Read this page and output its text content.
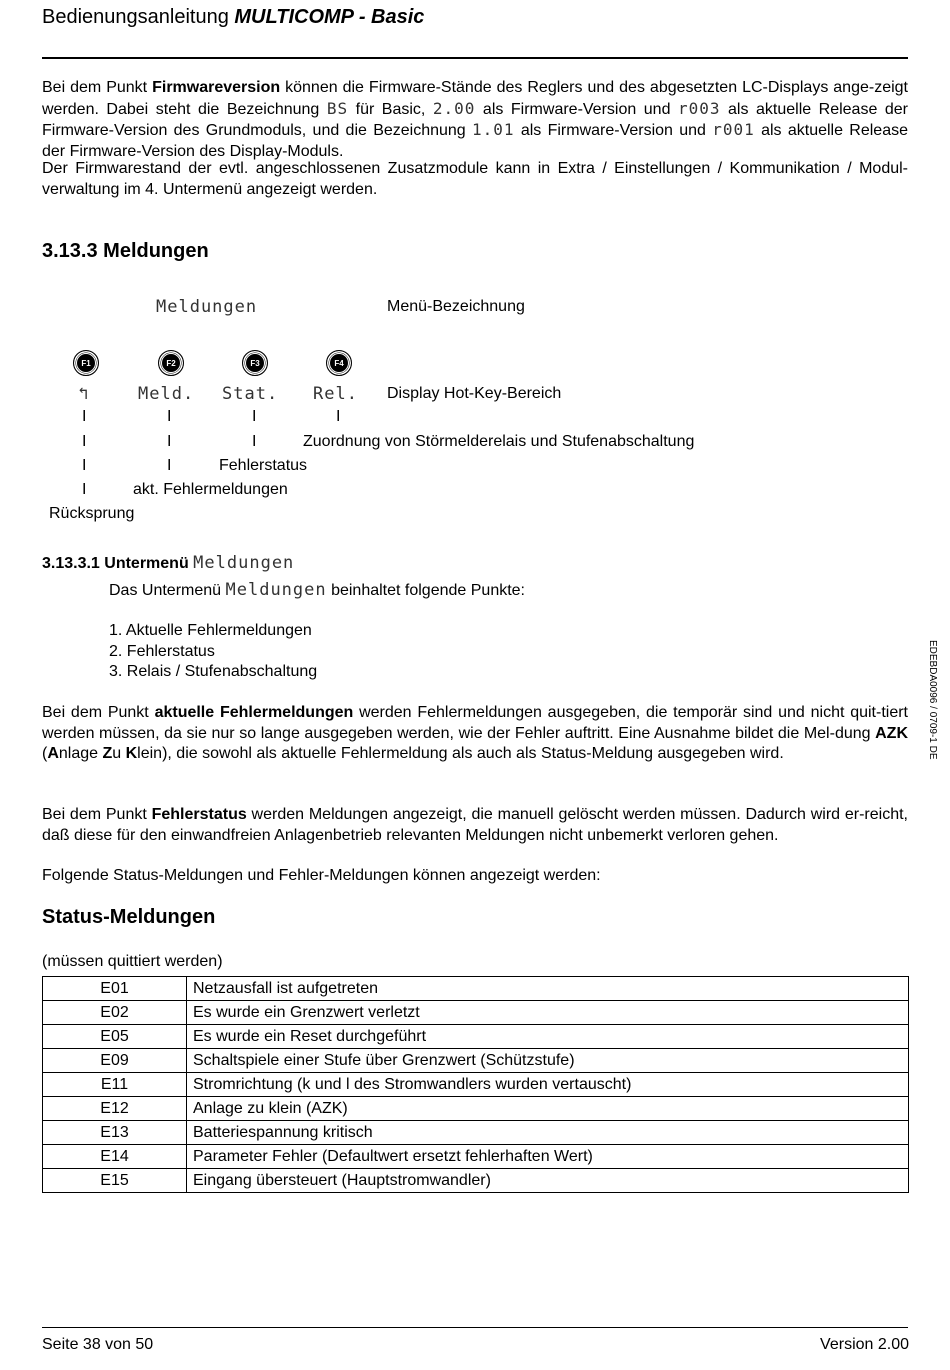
Bedienungsanleitung MULTICOMP - Basic
Bei dem Punkt Firmwareversion können die Firmware-Stände des Reglers und des abgesetzten LC-Displays ange-zeigt werden. Dabei steht die Bezeichnung BS für Basic, 2.00 als Firmware-Version und r003 als aktuelle Release der Firmware-Version des Grundmoduls, und die Bezeichnung 1.01 als Firmware-Version und r001 als aktuelle Release der Firmware-Version des Display-Moduls.
Der Firmwarestand der evtl. angeschlossenen Zusatzmodule kann in Extra / Einstellungen / Kommunikation / Modul-verwaltung im 4. Untermenü angezeigt werden.
3.13.3 Meldungen
Meldungen	Menü-Bezeichnung
F1	F2	F3	F4
↰	Meld. Stat. Rel. Display Hot-Key-Bereich
I	I	I	I
I	I	I	Zuordnung von Störmelderelais und Stufenabschaltung
I	I	Fehlerstatus
I	akt. Fehlermeldungen
Rücksprung
3.13.3.1 Untermenü Meldungen
Das Untermenü Meldungen beinhaltet folgende Punkte:
1. Aktuelle Fehlermeldungen
2. Fehlerstatus
3. Relais / Stufenabschaltung
Bei dem Punkt aktuelle Fehlermeldungen werden Fehlermeldungen ausgegeben, die temporär sind und nicht quit-tiert werden müssen, da sie nur so lange ausgegeben werden, wie der Fehler auftritt. Eine Ausnahme bildet die Mel-dung AZK (Anlage Zu Klein), die sowohl als aktuelle Fehlermeldung als auch als Status-Meldung ausgegeben wird.
Bei dem Punkt Fehlerstatus werden Meldungen angezeigt, die manuell gelöscht werden müssen. Dadurch wird er-reicht, daß diese für den einwandfreien Anlagenbetrieb relevanten Meldungen nicht unbemerkt verloren gehen.
Folgende Status-Meldungen und Fehler-Meldungen können angezeigt werden:
Status-Meldungen
(müssen quittiert werden)
E01	Netzausfall ist aufgetreten
E02	Es wurde ein Grenzwert verletzt
E05	Es wurde ein Reset durchgeführt
E09	Schaltspiele einer Stufe über Grenzwert (Schützstufe)
E11	Stromrichtung (k und l des Stromwandlers wurden vertauscht)
E12	Anlage zu klein (AZK)
E13	Batteriespannung kritisch
E14	Parameter Fehler (Defaultwert ersetzt fehlerhaften Wert)
E15	Eingang übersteuert (Hauptstromwandler)
EDEBDA0096 / 0709-1 DE
Seite 38 von 50	Version 2.00
